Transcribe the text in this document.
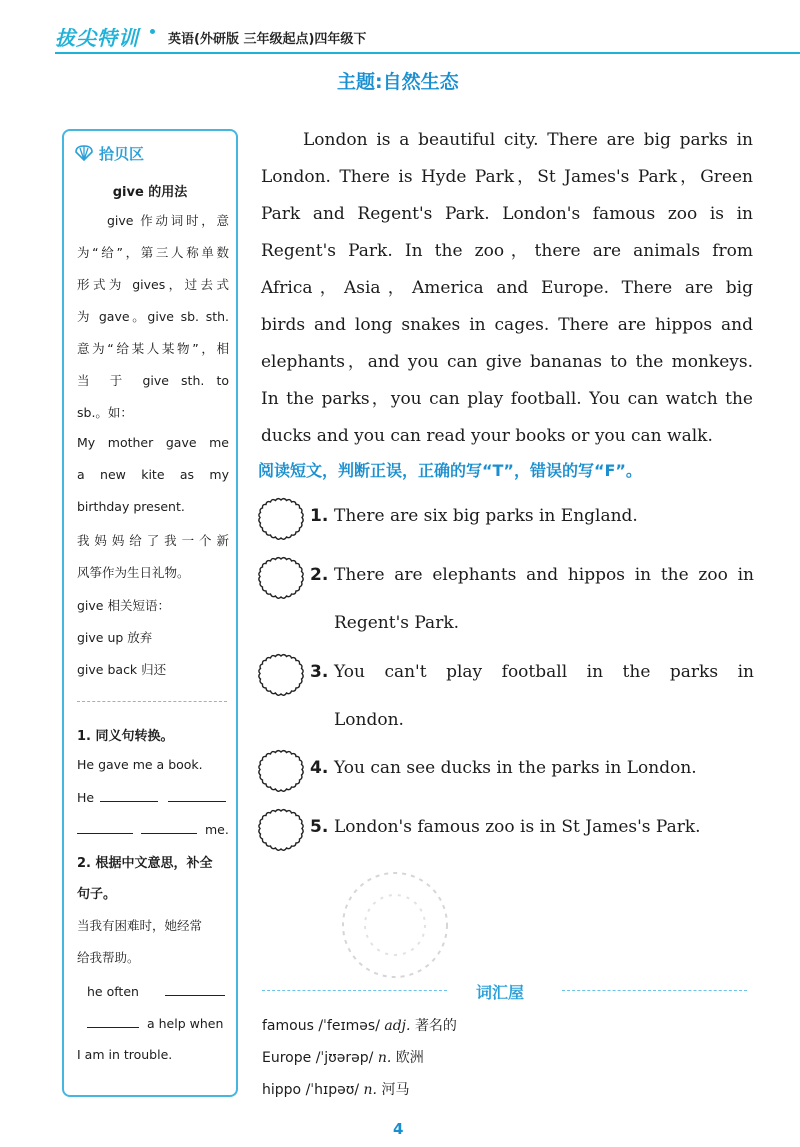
拔尖特训 英语(外研版 三年级起点)四年级下
主题:自然生态
拾贝区
give 的用法
give 作动词时，意
为“给”，第三人称单数
形式为 gives，过去式
为 gave。give sb. sth.
意为“给某人某物”，相
当 于 give sth. to
sb.。如：
My mother gave me
a new kite as my
birthday present.
我妈妈给了我一个新
风筝作为生日礼物。
give 相关短语：
give up 放弃
give back 归还
1. 同义句转换。
He gave me a book.
He
me.
2. 根据中文意思，补全
句子。
当我有困难时，她经常
给我帮助。
he often
a help when
I am in trouble.
London is a beautiful city. There are big parks in
London. There is Hyde Park，St James's Park，Green
Park and Regent's Park. London's famous zoo is in
Regent's Park. In the zoo，there are animals from
Africa，Asia，America and Europe. There are big
birds and long snakes in cages. There are hippos and
elephants，and you can give bananas to the monkeys.
In the parks，you can play football. You can watch the
ducks and you can read your books or you can walk.
阅读短文，判断正误，正确的写“T”，错误的写“F”。
1. There are six big parks in England.
2. There are elephants and hippos in the zoo in
Regent's Park.
3. You can't play football in the parks in
London.
4. You can see ducks in the parks in London.
5. London's famous zoo is in St James's Park.
词汇屋
famous /ˈfeɪməs/ adj. 著名的
Europe /ˈjʊərəp/ n. 欧洲
hippo /ˈhɪpəʊ/ n. 河马
4
